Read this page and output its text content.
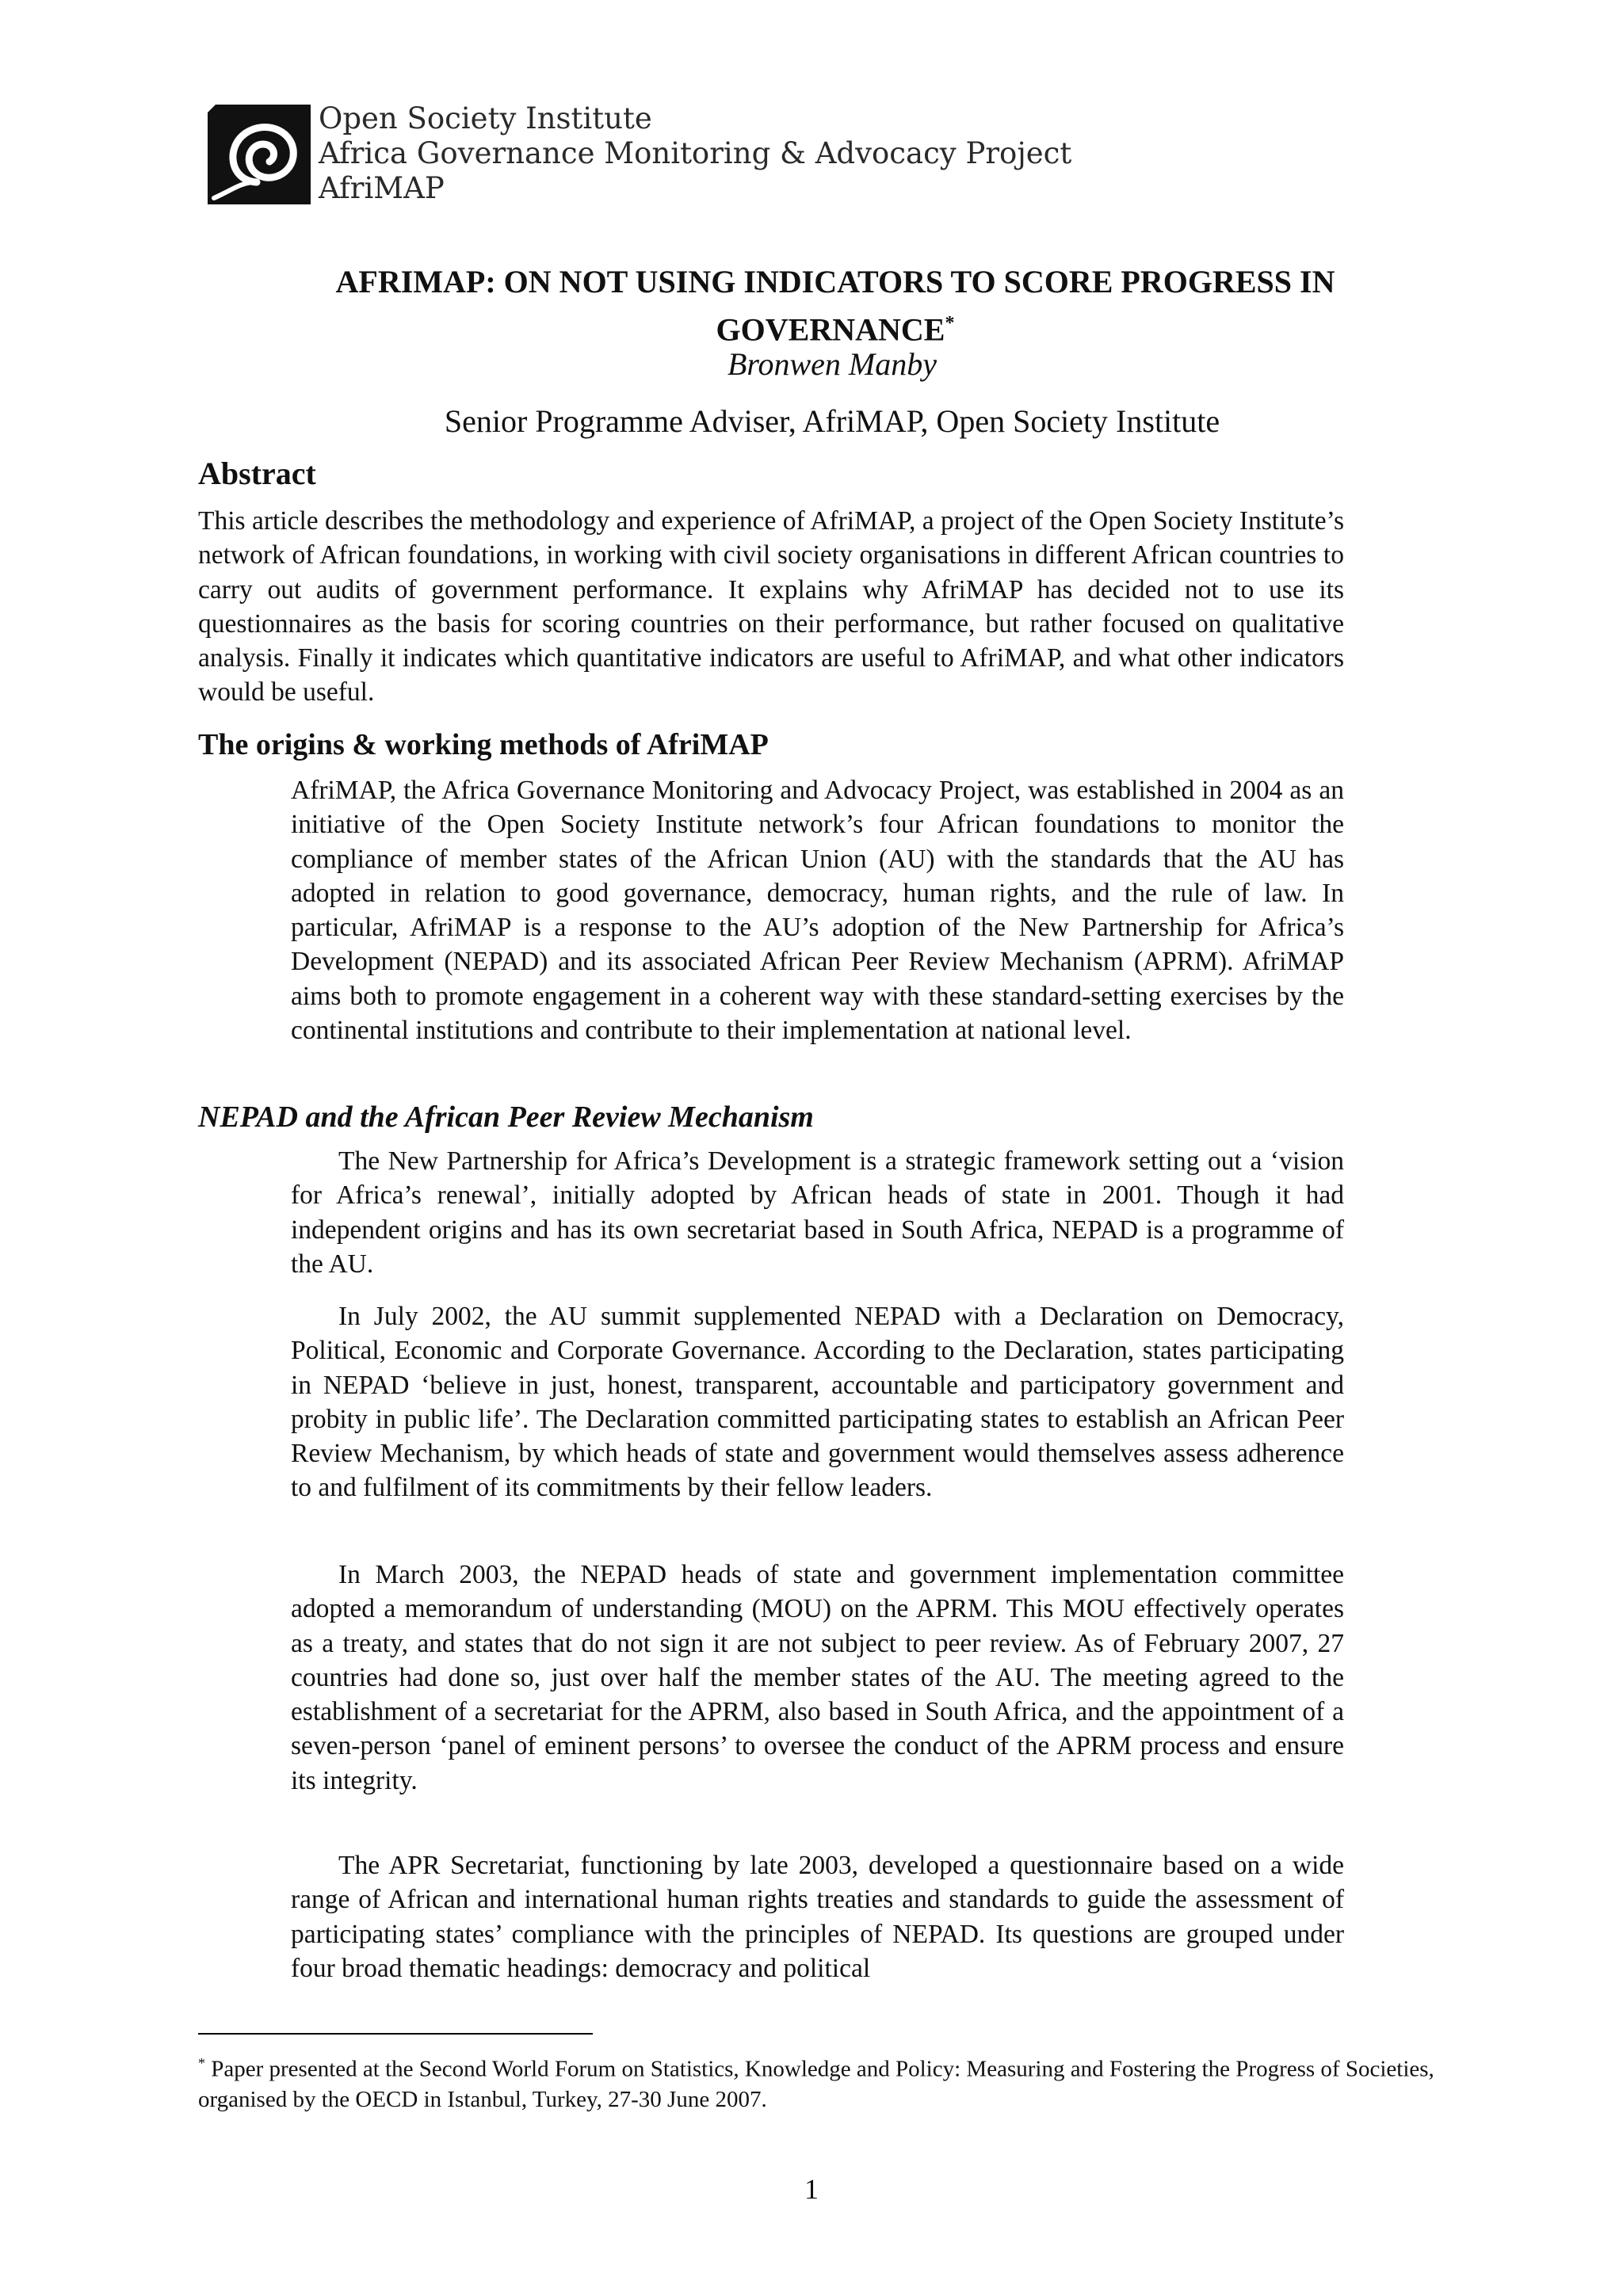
Open Society Institute
Africa Governance Monitoring & Advocacy Project
AfriMAP
AFRIMAP: ON NOT USING INDICATORS TO SCORE PROGRESS IN
GOVERNANCE*
Bronwen Manby
Senior Programme Adviser, AfriMAP, Open Society Institute
Abstract

This article describes the methodology and experience of AfriMAP, a project of the Open Society Institute’s network of African foundations, in working with civil society organisations in different African countries to carry out audits of government performance. It explains why AfriMAP has decided not to use its questionnaires as the basis for scoring countries on their performance, but rather focused on qualitative analysis. Finally it indicates which quantitative indicators are useful to AfriMAP, and what other indicators would be useful.

The origins & working methods of AfriMAP

AfriMAP, the Africa Governance Monitoring and Advocacy Project, was established in 2004 as an initiative of the Open Society Institute network’s four African foundations to monitor the compliance of member states of the African Union (AU) with the standards that the AU has adopted in relation to good governance, democracy, human rights, and the rule of law. In particular, AfriMAP is a response to the AU’s adoption of the New Partnership for Africa’s Development (NEPAD) and its associated African Peer Review Mechanism (APRM). AfriMAP aims both to promote engagement in a coherent way with these standard-setting exercises by the continental institutions and contribute to their implementation at national level.

NEPAD and the African Peer Review Mechanism

The New Partnership for Africa’s Development is a strategic framework setting out a ‘vision for Africa’s renewal’, initially adopted by African heads of state in 2001. Though it had independent origins and has its own secretariat based in South Africa, NEPAD is a programme of the AU.

In July 2002, the AU summit supplemented NEPAD with a Declaration on Democracy, Political, Economic and Corporate Governance. According to the Declaration, states participating in NEPAD ‘believe in just, honest, transparent, accountable and participatory government and probity in public life’. The Declaration committed participating states to establish an African Peer Review Mechanism, by which heads of state and government would themselves assess adherence to and fulfilment of its commitments by their fellow leaders.

In March 2003, the NEPAD heads of state and government implementation committee adopted a memorandum of understanding (MOU) on the APRM. This MOU effectively operates as a treaty, and states that do not sign it are not subject to peer review. As of February 2007, 27 countries had done so, just over half the member states of the AU. The meeting agreed to the establishment of a secretariat for the APRM, also based in South Africa, and the appointment of a seven-person ‘panel of eminent persons’ to oversee the conduct of the APRM process and ensure its integrity.

The APR Secretariat, functioning by late 2003, developed a questionnaire based on a wide range of African and international human rights treaties and standards to guide the assessment of participating states’ compliance with the principles of NEPAD. Its questions are grouped under four broad thematic headings: democracy and political

* Paper presented at the Second World Forum on Statistics, Knowledge and Policy: Measuring and Fostering the Progress of Societies, organised by the OECD in Istanbul, Turkey, 27-30 June 2007.
1
